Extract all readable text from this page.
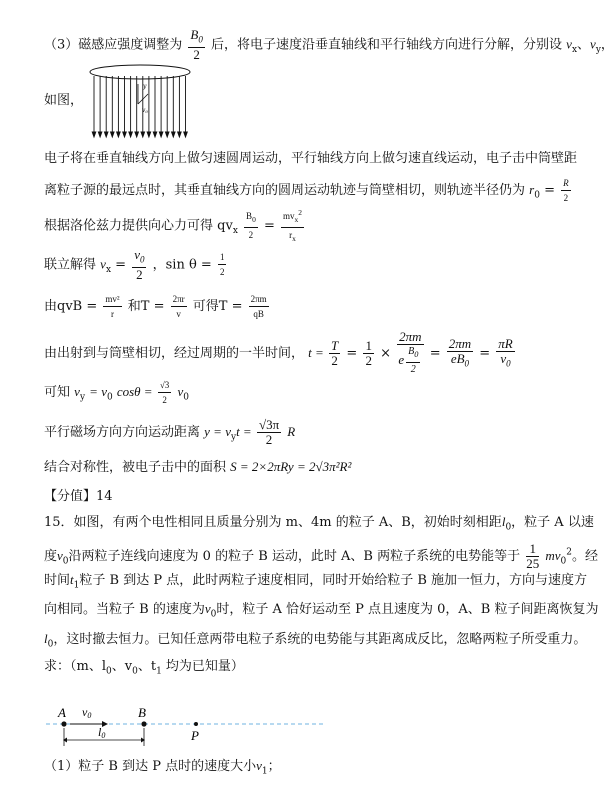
（3）磁感应强度调整为 $\frac{B_0}{2}$ 后，将电子速度沿垂直轴线和平行轴线方向进行分解，分别设 $v_x$、$v_y$，
y
v0
如图，
电子将在垂直轴线方向上做匀速圆周运动，平行轴线方向上做匀速直线运动，电子击中筒壁距
离粒子源的最远点时，其垂直轴线方向的圆周运动轨迹与筒壁相切，则轨迹半径仍为 $r_0 = \frac{R}{2}$
根据洛伦兹力提供向心力可得 $qv_x \frac{B_0}{2} = \frac{mv_x^2}{r_x}$
联立解得 $v_x = \frac{v_0}{2}$ ，$\sin \theta = \frac{1}{2}$
由qvB = $\frac{\text{mv²}}{r}$ 和$T = \frac{2\pi r}{v}$ 可得$T = \frac{2\pi m}{qB}$
由出射到与筒壁相切，经过周期的一半时间， $t = \frac{T}{2} = \frac{1}{2} \times \frac{2\pi m}{e \frac{B_0}{2}} = \frac{2\pi m}{eB_0} = \frac{\pi R}{v_0}$
可知 $v_y = v_0$ $\cos\theta = \frac{√3}{2} v_0$
平行磁场方向方向运动距离 $y = v_yt = \frac{√3\pi}{2}$ R
结合对称性，被电子击中的面积 S = 2×2πRy = 2√3π²R²
【分值】14
15．如图，有两个电性相同且质量分别为 m、4m 的粒子 A、B，初始时刻相距$l_0$，粒子 A 以速
度$v_0$沿两粒子连线向速度为 0 的粒子 B 运动，此时 A、B 两粒子系统的电势能等于 $\frac{1}{25} mv_0^2$。经
时间$t_1$粒子 B 到达 P 点，此时两粒子速度相同，同时开始给粒子 B 施加一恒力，方向与速度方
向相同。当粒子 B 的速度为$v_0$时，粒子 A 恰好运动至 P 点且速度为 0，A、B 粒子间距离恢复为
$l_0$，这时撤去恒力。已知任意两带电粒子系统的电势能与其距离成反比，忽略两粒子所受重力。
求：（m、$l_0$、$v_0$、$t_1$ 均为已知量）
A	B
P
v0
l0
（1）粒子 B 到达 P 点时的速度大小$v_1$；
